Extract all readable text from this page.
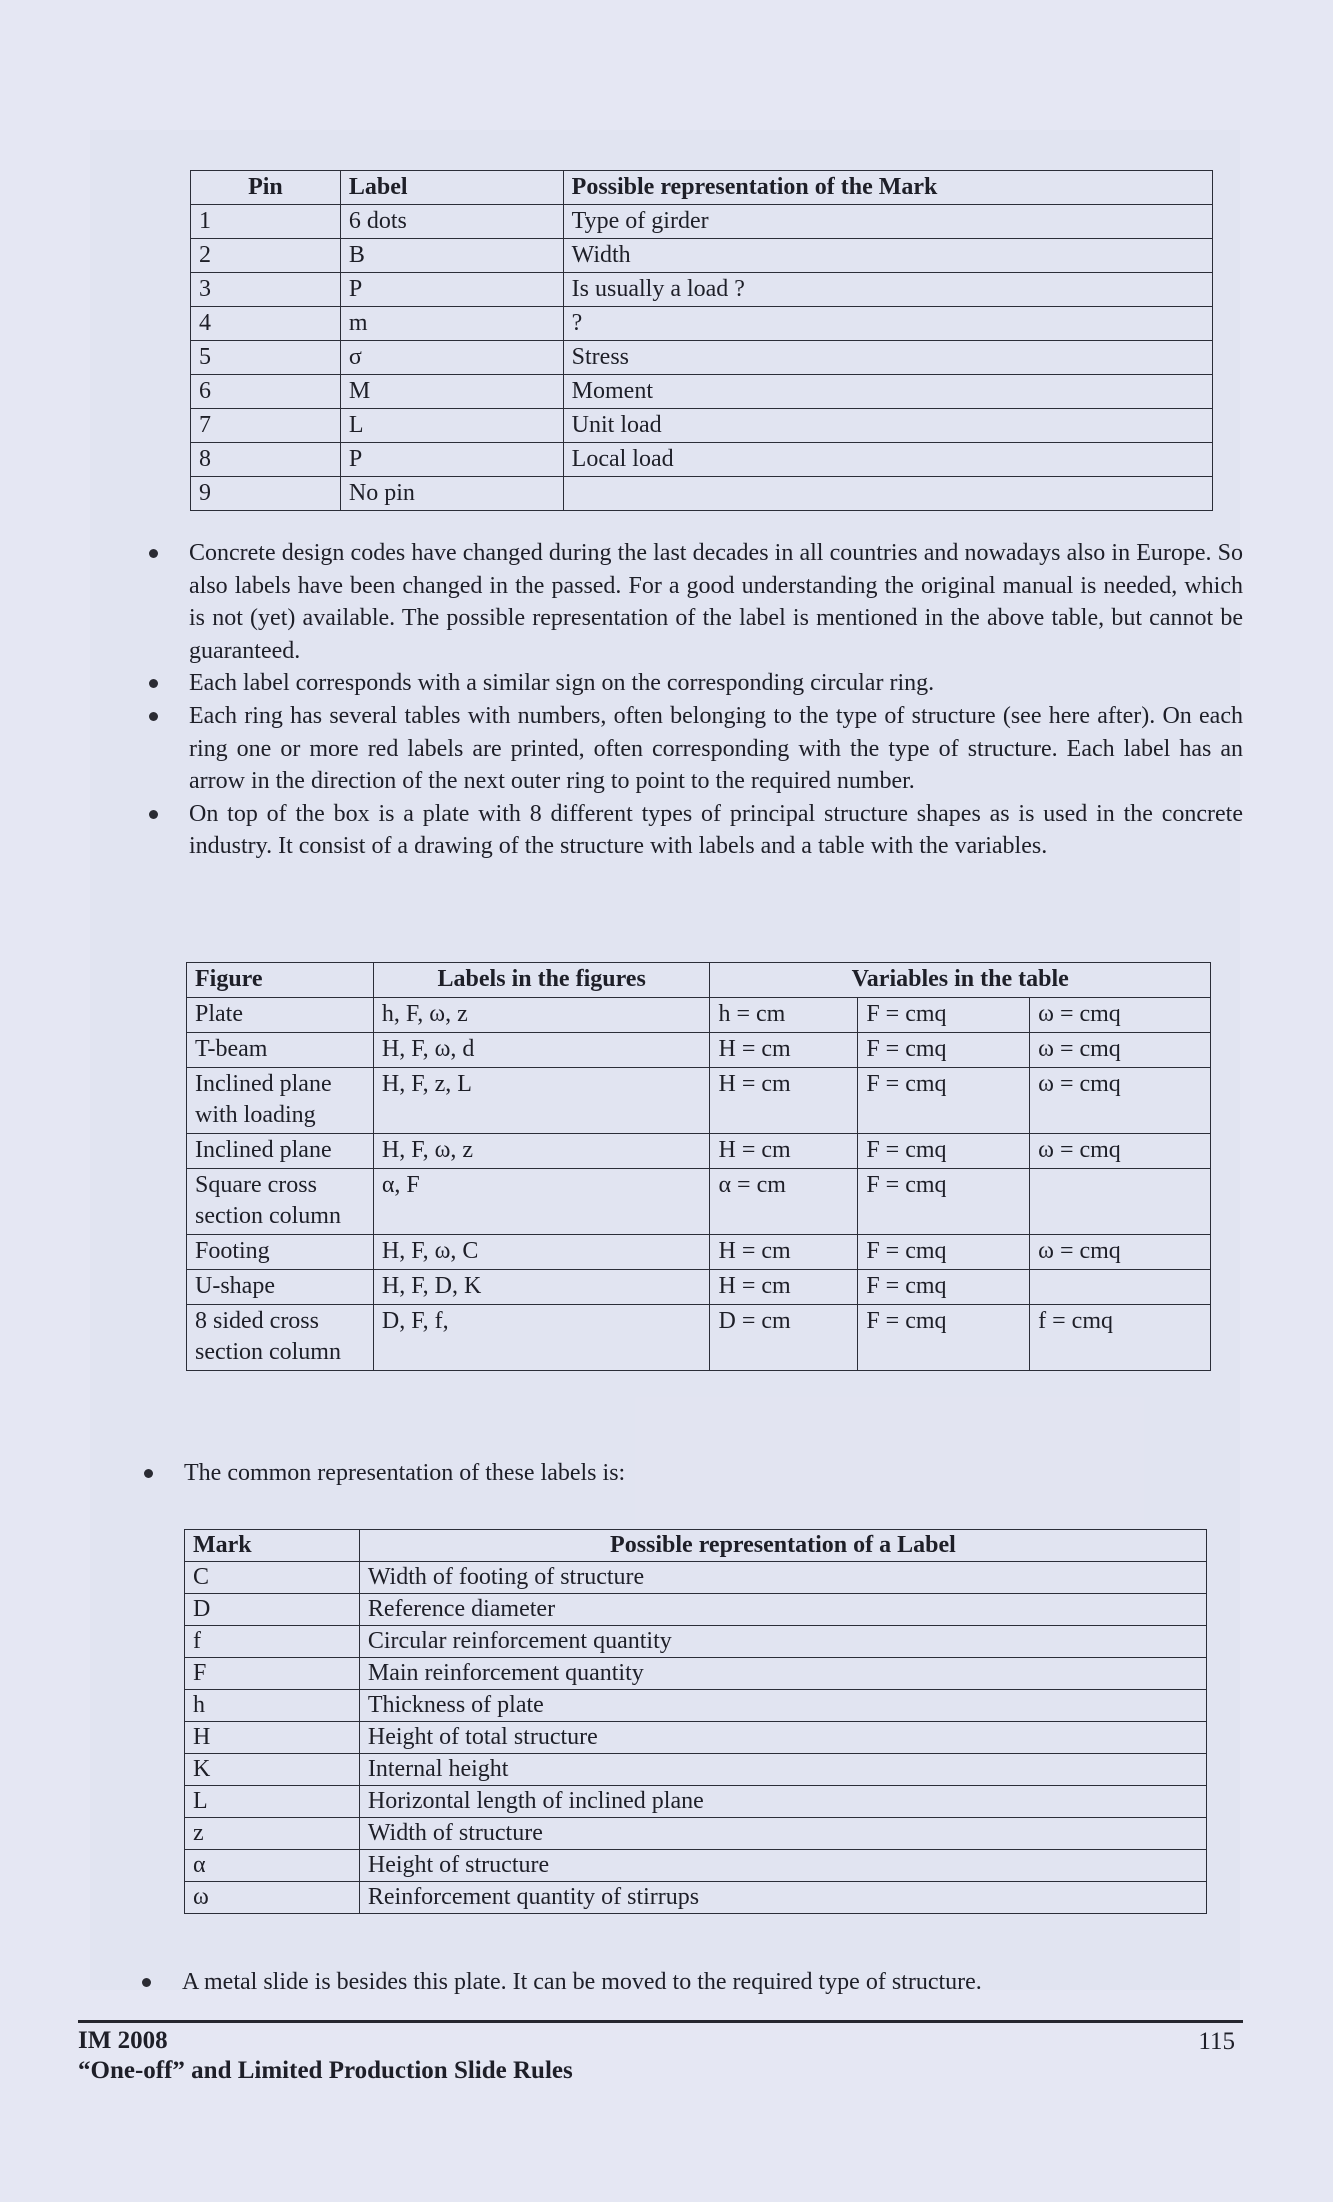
Pin	Label	Possible representation of the Mark
1	6 dots	Type of girder
2	B	Width
3	P	Is usually a load ?
4	m	?
5	σ	Stress
6	M	Moment
7	L	Unit load
8	P	Local load
9	No pin	
Concrete design codes have changed during the last decades in all countries and nowadays also in Europe. So also labels have been changed in the passed. For a good understanding the original manual is needed, which is not (yet) available. The possible representation of the label is mentioned in the above table, but cannot be guaranteed.
Each label corresponds with a similar sign on the corresponding circular ring.
Each ring has several tables with numbers, often belonging to the type of structure (see here after). On each ring one or more red labels are printed, often corresponding with the type of structure. Each label has an arrow in the direction of the next outer ring to point to the required number.
On top of the box is a plate with 8 different types of principal structure shapes as is used in the concrete industry. It consist of a drawing of the structure with labels and a table with the variables.
Figure	Labels in the figures	Variables in the table		
Plate	h, F, ω, z	h = cm	F = cmq	ω = cmq
T-beam	H, F, ω, d	H = cm	F = cmq	ω = cmq
Inclined plane with loading	H, F, z, L	H = cm	F = cmq	ω = cmq
Inclined plane	H, F, ω, z	H = cm	F = cmq	ω = cmq
Square cross section column	α, F	α = cm	F = cmq	
Footing	H, F, ω, C	H = cm	F = cmq	ω = cmq
U-shape	H, F, D, K	H = cm	F = cmq	
8 sided cross section column	D, F, f,	D = cm	F = cmq	f = cmq
The common representation of these labels is:
Mark	Possible representation of a Label
C	Width of footing of structure
D	Reference diameter
f	Circular reinforcement quantity
F	Main reinforcement quantity
h	Thickness of plate
H	Height of total structure
K	Internal height
L	Horizontal length of inclined plane
z	Width of structure
α	Height of structure
ω	Reinforcement quantity of stirrups
A metal slide is besides this plate. It can be moved to the required type of structure.
IM 2008
“One-off” and Limited Production Slide Rules
115
